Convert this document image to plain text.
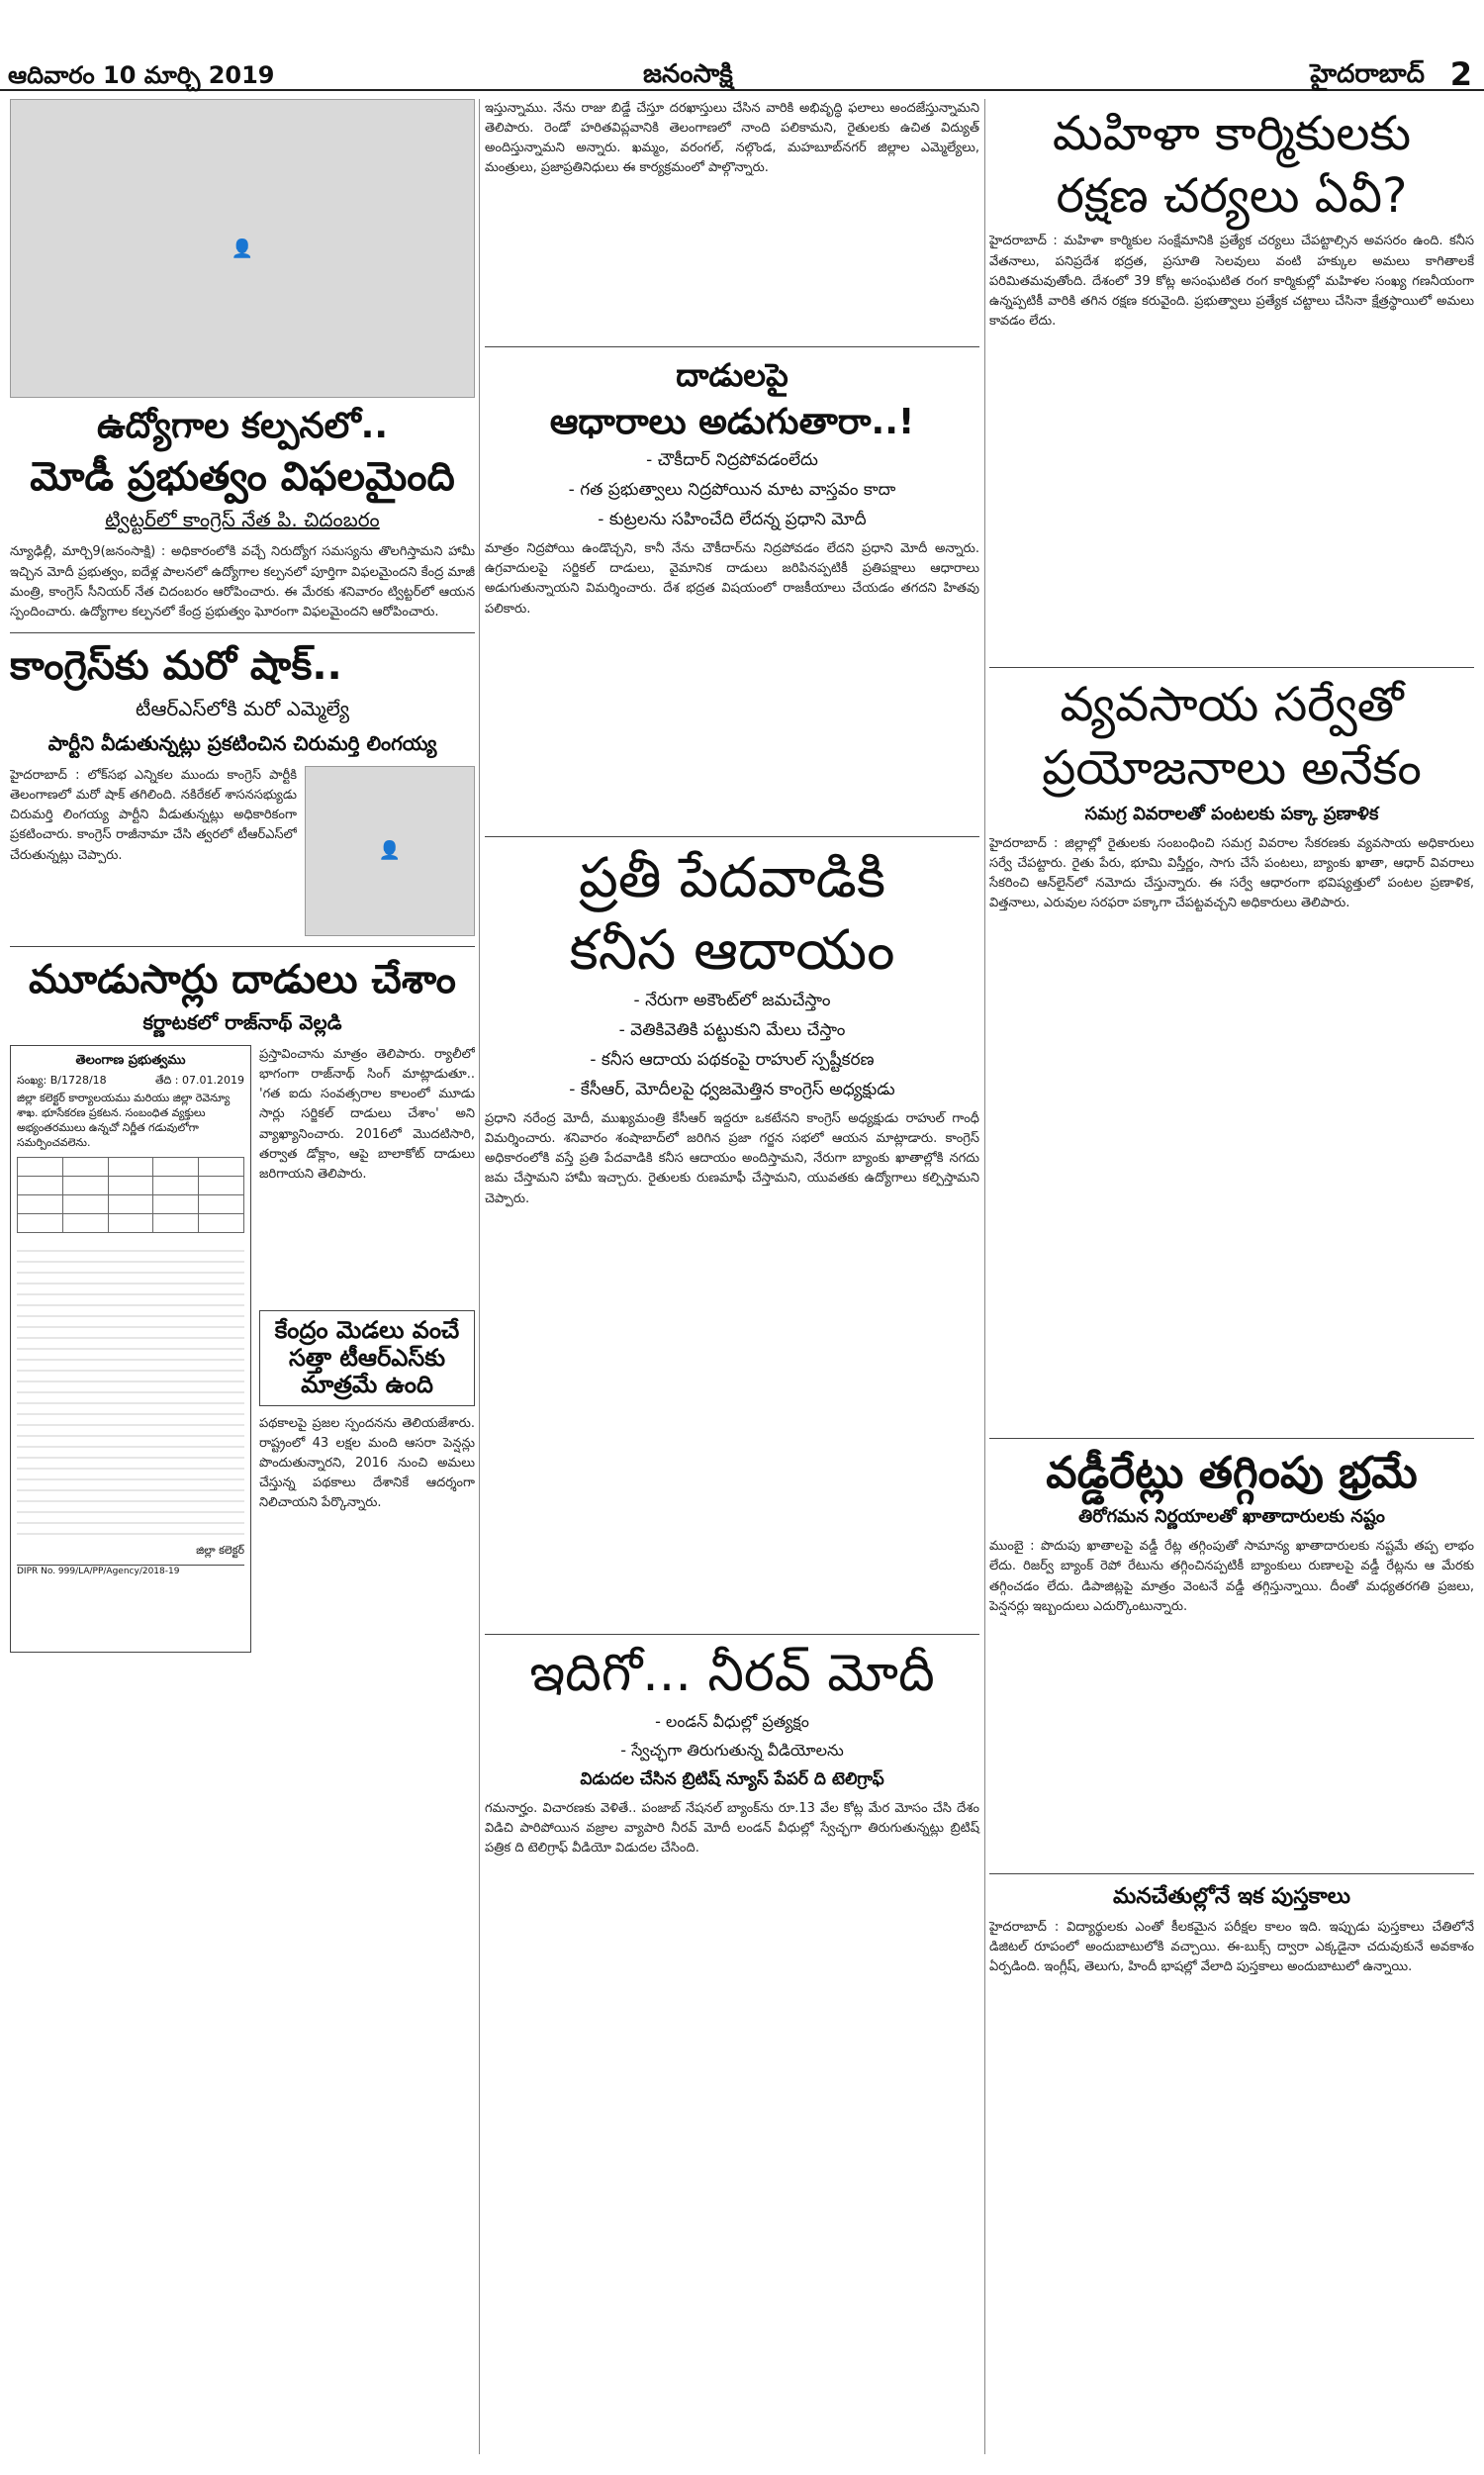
ఆదివారం 10 మార్చి 2019	జనంసాక్షి	హైదరాబాద్ 2
👤
ఉద్యోగాల కల్పనలో..
మోడీ ప్రభుత్వం విఫలమైంది
ట్విట్టర్‌లో కాంగ్రెస్ నేత పి. చిదంబరం
న్యూఢిల్లీ, మార్చి9(జనంసాక్షి) : అధికారంలోకి వచ్చే నిరుద్యోగ సమస్యను తొలగిస్తామని హామీ ఇచ్చిన మోదీ ప్రభుత్వం, ఐదేళ్ల పాలనలో ఉద్యోగాల కల్పనలో పూర్తిగా విఫలమైందని కేంద్ర మాజీ మంత్రి, కాంగ్రెస్ సీనియర్ నేత చిదంబరం ఆరోపించారు. ఈ మేరకు శనివారం ట్విట్టర్‌లో ఆయన స్పందించారు. ఉద్యోగాల కల్పనలో కేంద్ర ప్రభుత్వం ఘోరంగా విఫలమైందని ఆరోపించారు.
కాంగ్రెస్‌కు మరో షాక్..
టీఆర్ఎస్‌లోకి మరో ఎమ్మెల్యే
పార్టీని వీడుతున్నట్లు ప్రకటించిన చిరుమర్తి లింగయ్య
హైదరాబాద్ : లోక్‌సభ ఎన్నికల ముందు కాంగ్రెస్ పార్టీకి తెలంగాణలో మరో షాక్ తగిలింది. నకిరేకల్ శాసనసభ్యుడు చిరుమర్తి లింగయ్య పార్టీని వీడుతున్నట్లు అధికారికంగా ప్రకటించారు. కాంగ్రెస్ రాజీనామా చేసి త్వరలో టీఆర్ఎస్‌లో చేరుతున్నట్లు చెప్పారు.	👤
మూడుసార్లు దాడులు చేశాం
కర్ణాటకలో రాజ్‌నాథ్ వెల్లడి
తెలంగాణ ప్రభుత్వము
సంఖ్య: B/1728/18	తేది : 07.01.2019
జిల్లా కలెక్టర్ కార్యాలయము మరియు జిల్లా రెవెన్యూ శాఖ. భూసేకరణ ప్రకటన. సంబంధిత వ్యక్తులు అభ్యంతరములు ఉన్నచో నిర్ణీత గడువులోగా సమర్పించవలెను.

జిల్లా కలెక్టర్
DIPR No. 999/LA/PP/Agency/2018-19
ప్రస్తావించాను మాత్రం తెలిపారు. ర్యాలీలో భాగంగా రాజ్‌నాథ్ సింగ్ మాట్లాడుతూ.. 'గత ఐదు సంవత్సరాల కాలంలో మూడు సార్లు సర్జికల్ దాడులు చేశాం' అని వ్యాఖ్యానించారు. 2016లో మొదటిసారి, తర్వాత డోక్లాం, ఆపై బాలాకోట్ దాడులు జరిగాయని తెలిపారు.
కేంద్రం మెడలు వంచే సత్తా టీఆర్ఎస్‌కు మాత్రమే ఉంది
పథకాలపై ప్రజల స్పందనను తెలియజేశారు. రాష్ట్రంలో 43 లక్షల మంది ఆసరా పెన్షన్లు పొందుతున్నారని, 2016 నుంచి అమలు చేస్తున్న పథకాలు దేశానికే ఆదర్శంగా నిలిచాయని పేర్కొన్నారు.
ఇస్తున్నాము. నేను రాజు బిడ్డే చేస్తూ దరఖాస్తులు చేసిన వారికి అభివృద్ధి ఫలాలు అందజేస్తున్నామని తెలిపారు. రెండో హరితవిప్లవానికి తెలంగాణలో నాంది పలికామని, రైతులకు ఉచిత విద్యుత్ అందిస్తున్నామని అన్నారు. ఖమ్మం, వరంగల్, నల్గొండ, మహబూబ్‌నగర్ జిల్లాల ఎమ్మెల్యేలు, మంత్రులు, ప్రజాప్రతినిధులు ఈ కార్యక్రమంలో పాల్గొన్నారు.
దాడులపై
ఆధారాలు అడుగుతారా..!
- చౌకీదార్ నిద్రపోవడంలేదు
- గత ప్రభుత్వాలు నిద్రపోయిన మాట వాస్తవం కాదా
- కుట్రలను సహించేది లేదన్న ప్రధాని మోదీ
మాత్రం నిద్రపోయి ఉండొచ్చని, కానీ నేను చౌకీదార్‌ను నిద్రపోవడం లేదని ప్రధాని మోదీ అన్నారు. ఉగ్రవాదులపై సర్జికల్ దాడులు, వైమానిక దాడులు జరిపినప్పటికీ ప్రతిపక్షాలు ఆధారాలు అడుగుతున్నాయని విమర్శించారు. దేశ భద్రత విషయంలో రాజకీయాలు చేయడం తగదని హితవు పలికారు.
ప్రతీ పేదవాడికి
కనీస ఆదాయం
- నేరుగా అకౌంట్‌లో జమచేస్తాం
- వెతికివెతికి పట్టుకుని మేలు చేస్తాం
- కనీస ఆదాయ పథకంపై రాహుల్ స్పష్టీకరణ
- కేసీఆర్, మోదీలపై ధ్వజమెత్తిన కాంగ్రెస్ అధ్యక్షుడు
ప్రధాని నరేంద్ర మోదీ, ముఖ్యమంత్రి కేసీఆర్ ఇద్దరూ ఒకటేనని కాంగ్రెస్ అధ్యక్షుడు రాహుల్ గాంధీ విమర్శించారు. శనివారం శంషాబాద్‌లో జరిగిన ప్రజా గర్జన సభలో ఆయన మాట్లాడారు. కాంగ్రెస్ అధికారంలోకి వస్తే ప్రతి పేదవాడికి కనీస ఆదాయం అందిస్తామని, నేరుగా బ్యాంకు ఖాతాల్లోకి నగదు జమ చేస్తామని హామీ ఇచ్చారు. రైతులకు రుణమాఫీ చేస్తామని, యువతకు ఉద్యోగాలు కల్పిస్తామని చెప్పారు.
ఇదిగో... నీరవ్ మోదీ
- లండన్ వీధుల్లో ప్రత్యక్షం
- స్వేచ్ఛగా తిరుగుతున్న వీడియోలను
విడుదల చేసిన బ్రిటిష్ న్యూస్ పేపర్ ది టెలిగ్రాఫ్
గమనార్హం. విచారణకు వెళితే.. పంజాబ్ నేషనల్ బ్యాంక్‌ను రూ.13 వేల కోట్ల మేర మోసం చేసి దేశం విడిచి పారిపోయిన వజ్రాల వ్యాపారి నీరవ్ మోదీ లండన్ వీధుల్లో స్వేచ్ఛగా తిరుగుతున్నట్లు బ్రిటిష్ పత్రిక ది టెలిగ్రాఫ్ వీడియో విడుదల చేసింది.
మహిళా కార్మికులకు
రక్షణ చర్యలు ఏవీ?
హైదరాబాద్ : మహిళా కార్మికుల సంక్షేమానికి ప్రత్యేక చర్యలు చేపట్టాల్సిన అవసరం ఉంది. కనీస వేతనాలు, పనిప్రదేశ భద్రత, ప్రసూతి సెలవులు వంటి హక్కుల అమలు కాగితాలకే పరిమితమవుతోంది. దేశంలో 39 కోట్ల అసంఘటిత రంగ కార్మికుల్లో మహిళల సంఖ్య గణనీయంగా ఉన్నప్పటికీ వారికి తగిన రక్షణ కరువైంది. ప్రభుత్వాలు ప్రత్యేక చట్టాలు చేసినా క్షేత్రస్థాయిలో అమలు కావడం లేదు.
వ్యవసాయ సర్వేతో
ప్రయోజనాలు అనేకం
సమగ్ర వివరాలతో పంటలకు పక్కా ప్రణాళిక
హైదరాబాద్ : జిల్లాల్లో రైతులకు సంబంధించి సమగ్ర వివరాల సేకరణకు వ్యవసాయ అధికారులు సర్వే చేపట్టారు. రైతు పేరు, భూమి విస్తీర్ణం, సాగు చేసే పంటలు, బ్యాంకు ఖాతా, ఆధార్ వివరాలు సేకరించి ఆన్‌లైన్‌లో నమోదు చేస్తున్నారు. ఈ సర్వే ఆధారంగా భవిష్యత్తులో పంటల ప్రణాళిక, విత్తనాలు, ఎరువుల సరఫరా పక్కాగా చేపట్టవచ్చని అధికారులు తెలిపారు.
వడ్డీరేట్లు తగ్గింపు భ్రమే
తిరోగమన నిర్ణయాలతో ఖాతాదారులకు నష్టం
ముంబై : పొదుపు ఖాతాలపై వడ్డీ రేట్ల తగ్గింపుతో సామాన్య ఖాతాదారులకు నష్టమే తప్ప లాభం లేదు. రిజర్వ్ బ్యాంక్ రెపో రేటును తగ్గించినప్పటికీ బ్యాంకులు రుణాలపై వడ్డీ రేట్లను ఆ మేరకు తగ్గించడం లేదు. డిపాజిట్లపై మాత్రం వెంటనే వడ్డీ తగ్గిస్తున్నాయి. దీంతో మధ్యతరగతి ప్రజలు, పెన్షనర్లు ఇబ్బందులు ఎదుర్కొంటున్నారు.
మనచేతుల్లోనే ఇక పుస్తకాలు
హైదరాబాద్ : విద్యార్థులకు ఎంతో కీలకమైన పరీక్షల కాలం ఇది. ఇప్పుడు పుస్తకాలు చేతిలోనే డిజిటల్ రూపంలో అందుబాటులోకి వచ్చాయి. ఈ-బుక్స్ ద్వారా ఎక్కడైనా చదువుకునే అవకాశం ఏర్పడింది. ఇంగ్లీష్, తెలుగు, హిందీ భాషల్లో వేలాది పుస్తకాలు అందుబాటులో ఉన్నాయి.
